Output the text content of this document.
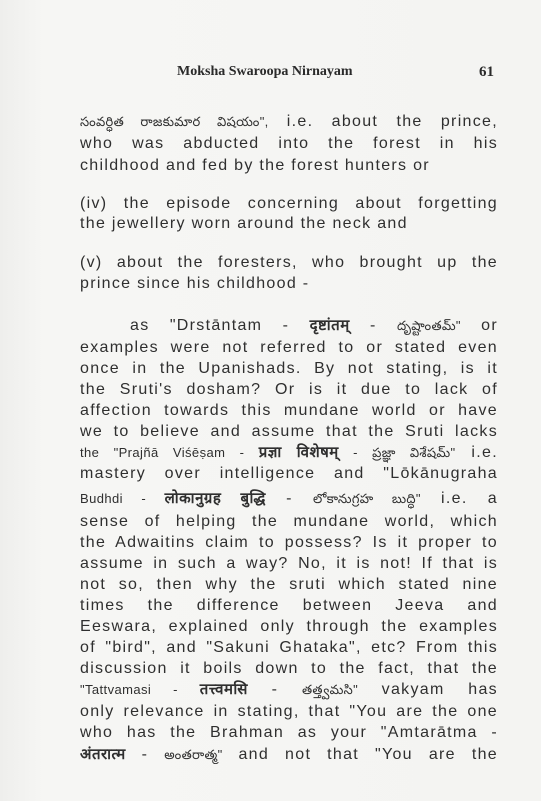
Moksha Swaroopa Nirnayam	61
సంవర్ధిత రాజకుమార విషయం", i.e. about the prince,
who was abducted into the forest in his
childhood and fed by the forest hunters or
(iv) the episode concerning about forgetting
the jewellery worn around the neck and
(v) about the foresters, who brought up the
prince since his childhood -
as "Drstāntam - दृष्टांतम् - దృష్టాంతమ్" or
examples were not referred to or stated even
once in the Upanishads. By not stating, is it
the Sruti's dosham? Or is it due to lack of
affection towards this mundane world or have
we to believe and assume that the Sruti lacks
the "Prajñā Viśēṣam - प्रज्ञा विशेषम् - ప్రజ్ఞా విశేషమ్" i.e.
mastery over intelligence and "Lōkānugraha
Budhdi - लोकानुग्रह बुद्धि - లోకానుగ్రహ బుద్ధి" i.e. a
sense of helping the mundane world, which
the Adwaitins claim to possess? Is it proper to
assume in such a way? No, it is not! If that is
not so, then why the sruti which stated nine
times the difference between Jeeva and
Eeswara, explained only through the examples
of "bird", and "Sakuni Ghataka", etc? From this
discussion it boils down to the fact, that the
"Tattvamasi - तत्त्वमसि - తత్త్వమసి" vakyam has
only relevance in stating, that "You are the one
who has the Brahman as your "Amtarātma -
अंतरात्म - అంతరాత్మ" and not that "You are the
